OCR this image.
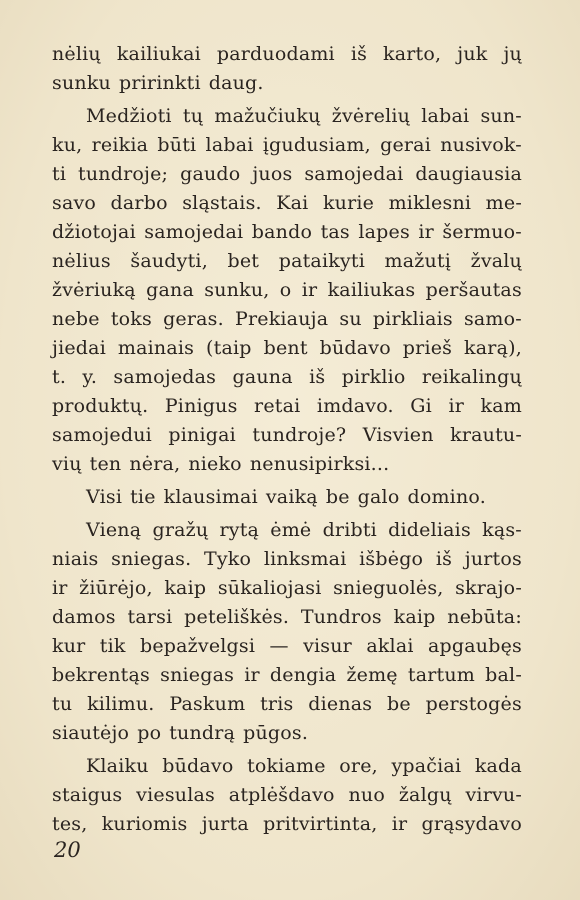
nėlių kailiukai parduodami iš karto, juk jų
sunku pririnkti daug.
Medžioti tų mažučiukų žvėrelių labai sun-
ku, reikia būti labai įgudusiam, gerai nusivok-
ti tundroje; gaudo juos samojedai daugiausia
savo darbo sląstais. Kai kurie miklesni me-
džiotojai samojedai bando tas lapes ir šermuo-
nėlius šaudyti, bet pataikyti mažutį žvalų
žvėriuką gana sunku, o ir kailiukas peršautas
nebe toks geras. Prekiauja su pirkliais samo-
jiedai mainais (taip bent būdavo prieš karą),
t. y. samojedas gauna iš pirklio reikalingų
produktų. Pinigus retai imdavo. Gi ir kam
samojedui pinigai tundroje? Visvien krautu-
vių ten nėra, nieko nenusipirksi...
Visi tie klausimai vaiką be galo domino.
Vieną gražų rytą ėmė dribti dideliais kąs-
niais sniegas. Tyko linksmai išbėgo iš jurtos
ir žiūrėjo, kaip sūkaliojasi snieguolės, skrajo-
damos tarsi peteliškės. Tundros kaip nebūta:
kur tik bepažvelgsi — visur aklai apgaubęs
bekrentąs sniegas ir dengia žemę tartum bal-
tu kilimu. Paskum tris dienas be perstogės
siautėjo po tundrą pūgos.
Klaiku būdavo tokiame ore, ypačiai kada
staigus viesulas atplėšdavo nuo žalgų virvu-
tes, kuriomis jurta pritvirtinta, ir grąsydavo
20
